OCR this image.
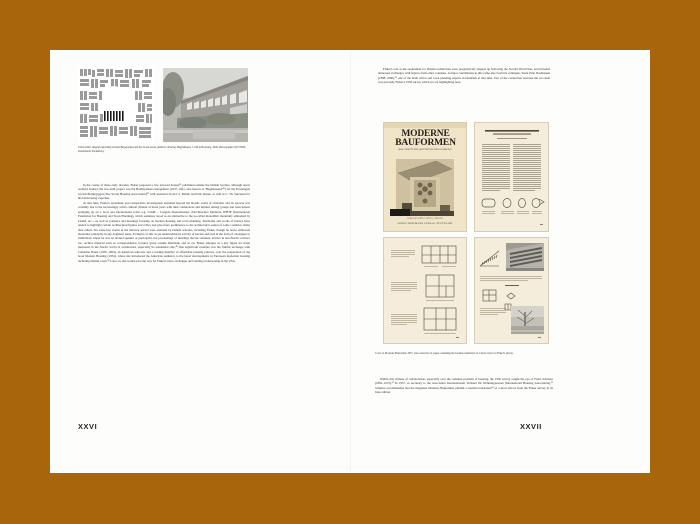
Urban fabric diagram depicting in black Bispeparken and the facade series (Author's drawing, Hegnshusene 1–184 in Bronshoj, 2000. Photographer: KUVNDS, Kobenhavns Stadsarkiv).

In the course of these early decades, Fisker proposed a few terraced houses⁴⁵ published outside the Danish borders, although never realised. Indeed, the low-built project was the Bomisparken arrangement (1937–1941, also known as 'Hegnshusene'⁴⁶) for the Foreningen Socialt Boligbyggeri (The Social Housing Association)⁴⁷ with assistance from C.I. Møller and Erik Jensen, as well as C. Th. Sørensen for his landscaping expertise.

At that time, Fisker's systematic and comparative investigation extended beyond the Nordic world of criticism, and its success was certainly due to the increasingly active cultural climate of those years with their conferences and debates among groups and associations springing up on a local and international scale: e.g. CIAM – Congrès Internationaux d'Architecture Moderne, IFHTP (International Federation for Housing and Town Planning), which somehow stood as an alternative to the so-called monolithic modernity embodied by CIAM, etc.—as well as journeys and meetings focusing on modern housing and town planning. Textbooks and works of history have tended to highlight certain architectural figures and critics and give more prominence to the architectural output of some countries rather than others, but some key events in the interwar period were attended by Danish scholars, including Fisker, though he never embraced modernist principles in any dogmatic sense. Evidence of this as yet underestimated activity of his has surfaced in the form of catalogues to exhibitions where he was an invited speaker or participant, the proceedings of meetings that he attended, articles in non-Nordic reviews too, archive material such as correspondence, lectures given outside Denmark, and so on. Fisker emerges as a key figure for those interested in the Nordic world of architecture, especially its residential side.⁴⁸ One significant example was the fruitful exchange with Catherine Bauer (1905–1964), an American educator and a leading member of affordable housing policies, over the preparation of the book Modern Housing (1934), where she introduced the American audience to the latest developments in European modernist housing including Danish cases.⁴⁹ Later on, she would pave the way for Fisker's trips, exchanges and visiting professorship in the USA.

XXVI

Fisker's role as the spokesman for Danish architecture were progressively stepped up following the Second World War, and included numerous exchanges with figures from other countries. A major contribution in this came also from his colleague, Steen Eiler Rasmussen (1898–1990),⁵⁰ one of the main critics and town planning experts in Denmark at that time. Part of the connection between the two men was precisely Fisker's 1936 survey which we are highlighting here.

MODERNE
BAUFORMEN
MONATSHEFTE FÜR ARCHITEKTUR UND RAUMKUNST

JAHRGANG XXXVI · HEFT 6 · JUNI 1937
JULIUS HOFFMANN VERLAG STUTTGART
Cover of Moderne Bauformen 1937, and a selection of pages containing the German translation of a short extract of Fisker's survey.

Within this climate of collaboration, especially over the common problem of housing, the 1936 survey caught the eye of Franz Schuster (1892–1972).⁵¹ In 1937, as secretary to the association Internationaler Verband für Wohnungswesen (International Housing Association),⁵² Schuster recommended that the magazine Moderne Bauformen publish a German translation⁵³ of a short extract from the Fisker survey in its June edition.

XXVII
